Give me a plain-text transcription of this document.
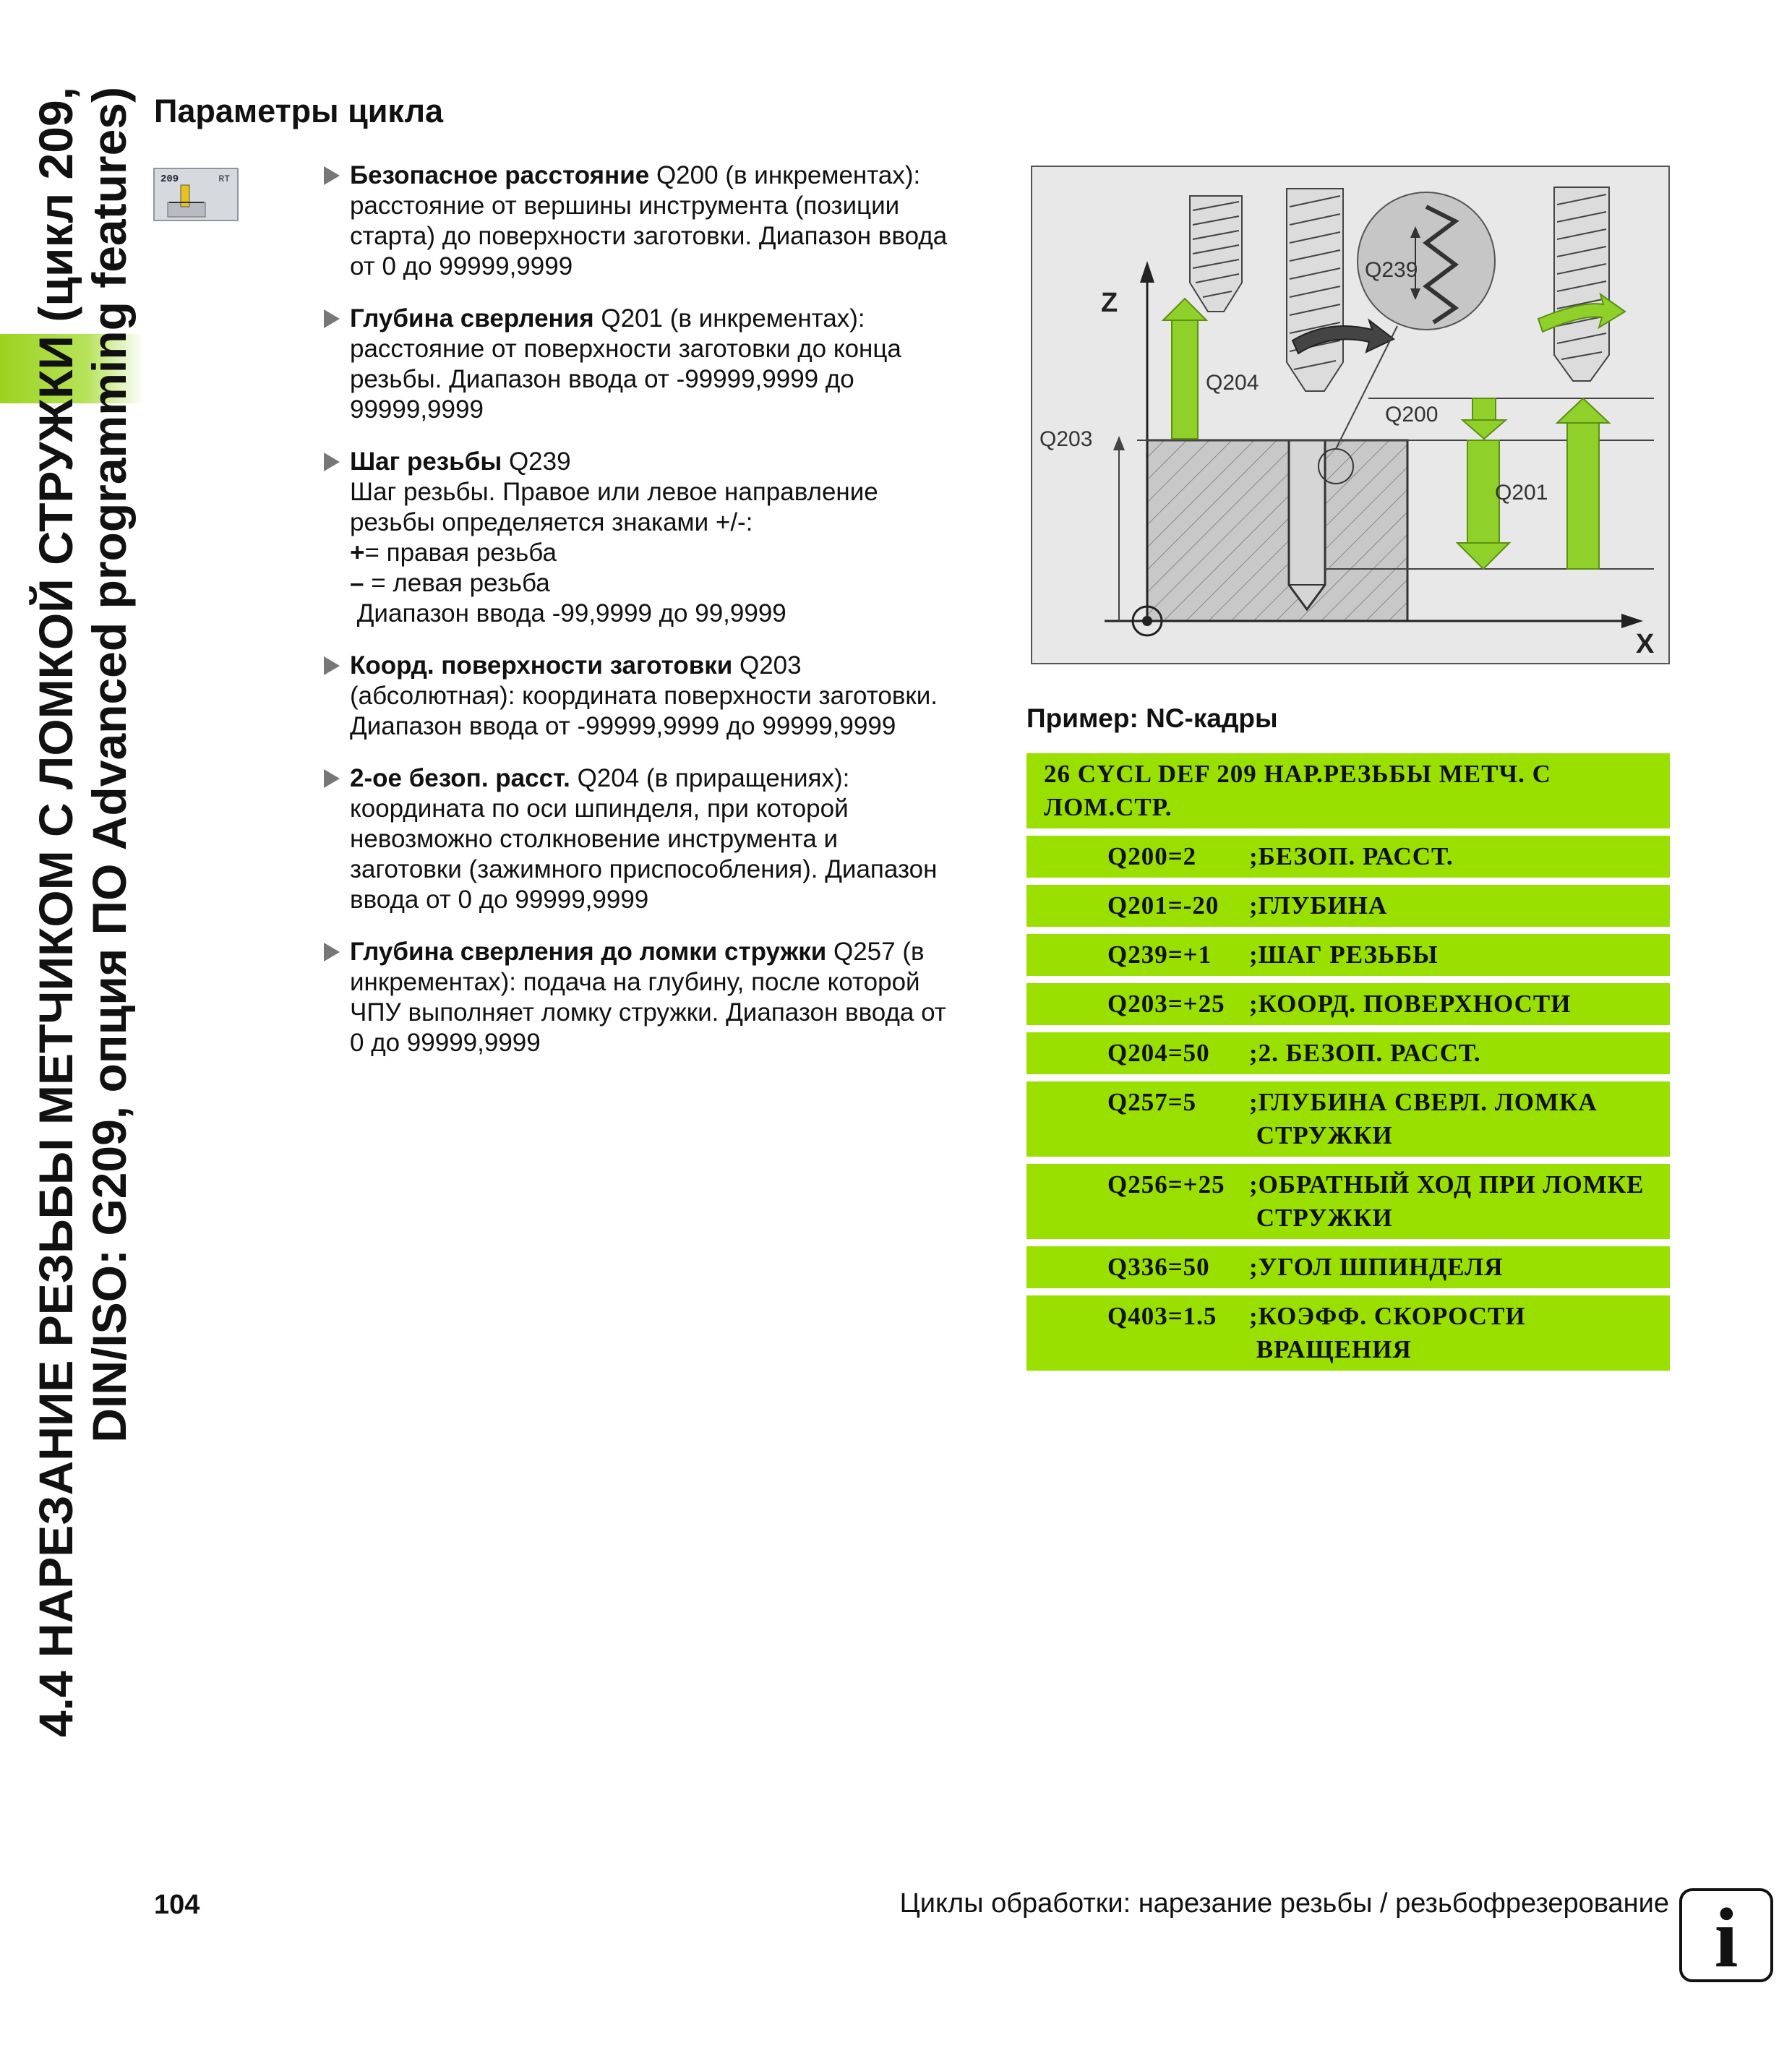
4.4 НАРЕЗАНИЕ РЕЗЬБЫ МЕТЧИКОМ С ЛОМКОЙ СТРУЖКИ (цикл 209, DIN/ISO: G209, опция ПО Advanced programming features) Параметры цикла
209	RT	Безопасное расстояние Q200 (в инкрементах):
расстояние от вершины инструмента (позиции
старта) до поверхности заготовки. Диапазон ввода
от 0 до 99999,9999
Глубина сверления Q201 (в инкрементах):
расстояние от поверхности заготовки до конца
резьбы. Диапазон ввода от -99999,9999 до
99999,9999
Шаг резьбы Q239
Шаг резьбы. Правое или левое направление
резьбы определяется знаками +/-:
+= правая резьба
– = левая резьба
Диапазон ввода -99,9999 до 99,9999
Коорд. поверхности заготовки Q203
(абсолютная): координата поверхности заготовки.
Диапазон ввода от -99999,9999 до 99999,9999
2-ое безоп. расст. Q204 (в приращениях):
координата по оси шпинделя, при которой
невозможно столкновение инструмента и
заготовки (зажимного приспособления). Диапазон
ввода от 0 до 99999,9999
Глубина сверления до ломки стружки Q257 (в
инкрементах): подача на глубину, после которой
ЧПУ выполняет ломку стружки. Диапазон ввода от
0 до 99999,9999
Z
X
Q203
Q204
Q200
Q201
Q239
Пример: NC-кадры
26 CYCL DEF 209 НАР.РЕЗЬБЫ МЕТЧ. С
ЛОМ.СТР.
Q200=2 ;БЕЗОП. РАССТ.
Q201=-20 ;ГЛУБИНА
Q239=+1 ;ШАГ РЕЗЬБЫ
Q203=+25 ;КООРД. ПОВЕРХНОСТИ
Q204=50 ;2. БЕЗОП. РАССТ.
Q257=5 ;ГЛУБИНА СВЕРЛ. ЛОМКА
СТРУЖКИ
Q256=+25 ;ОБРАТНЫЙ ХОД ПРИ ЛОМКЕ
СТРУЖКИ
Q336=50 ;УГОЛ ШПИНДЕЛЯ
Q403=1.5 ;КОЭФФ. СКОРОСТИ
ВРАЩЕНИЯ
104	Циклы обработки: нарезание резьбы / резьбофрезерование i
